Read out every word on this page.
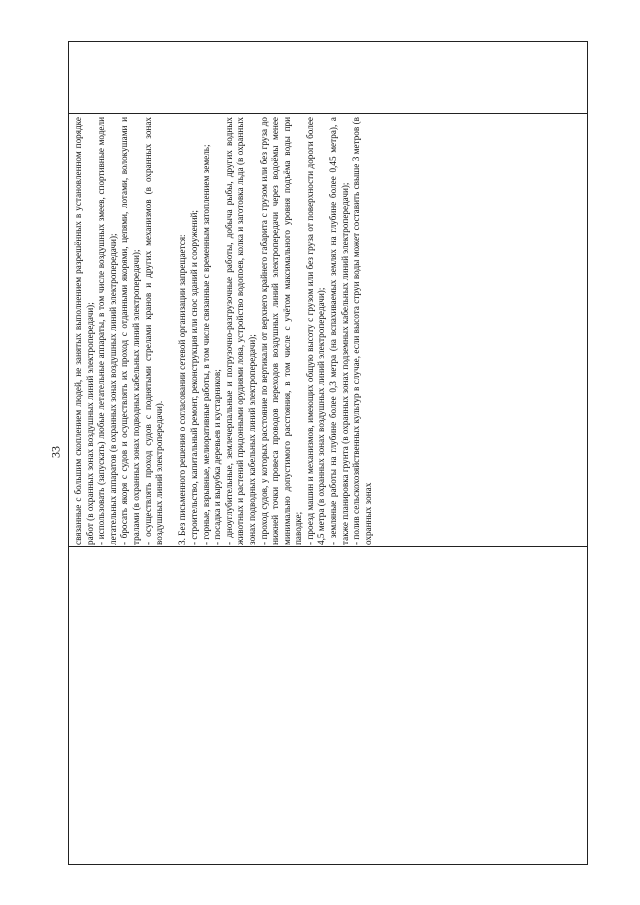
33 связанные с большим скоплением людей, не занятых выполнением разрешённых в установленном порядке работ (в охранных зонах воздушных линий электропередачи); - использовать (запускать) любые летательные аппараты, в том числе воздушных змеев, спортивные модели летательных аппаратов (в охранных зонах воздушных линий электропередачи); - бросать якоря с судов и осуществлять их проход с отданными якорями, цепями, лотами, волокушами и тралами (в охранных зонах подводных кабельных линий электропередачи); - осуществлять проход судов с поднятыми стрелами кранов и других механизмов (в охранных зонах воздушных линий электропередачи). 3. Без письменного решения о согласовании сетевой организации запрещается: - строительство, капитальный ремонт, реконструкция или снос зданий и сооружений; - горные, взрывные, мелиоративные работы, в том числе связанные с временным затоплением земель; - посадка и вырубка деревьев и кустарников; - дноуглубительные, землечерпальные и погрузочно-разгрузочные работы, добыча рыбы, других водных животных и растений придонными орудиями лова, устройство водопоев, колка и заготовка льда (в охранных зонах подводных кабельных линий электропередачи); - проход судов, у которых расстояние по вертикали от верхнего крайнего габарита с грузом или без груза до нижней точки провеса проводов переходов воздушных линий электропередачи через водоёмы менее минимально допустимого расстояния, в том числе с учётом максимального уровня подъёма воды при паводке; - проезд машин и механизмов, имеющих общую высоту с грузом или без груза от поверхности дороги более 4,5 метра (в охранных зонах воздушных линий электропередачи); - земляные работы на глубине более 0,3 метра (на вспахиваемых землях на глубине более 0,45 метра), а также планировка грунта (в охранных зонах подземных кабельных линий электропередачи); - полив сельскохозяйственных культур в случае, если высота струи воды может составить свыше 3 метров (в охранных зонах
